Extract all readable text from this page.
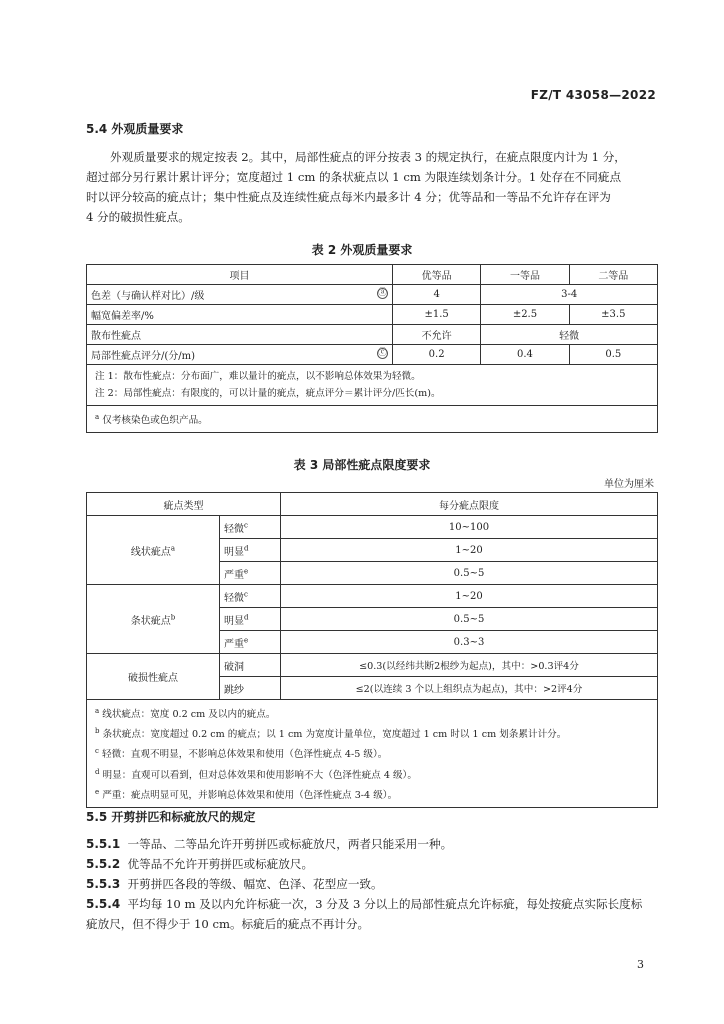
FZ/T 43058—2022
5.4 外观质量要求
外观质量要求的规定按表 2。其中，局部性疵点的评分按表 3 的规定执行，在疵点限度内计为 1 分，
超过部分另行累计累计评分；宽度超过 1 cm 的条状疵点以 1 cm 为限连续划条计分。1 处存在不同疵点
时以评分较高的疵点计；集中性疵点及连续性疵点每米内最多计 4 分；优等品和一等品不允许存在评为
4 分的破损性疵点。
表 2 外观质量要求
项目	优等品	一等品	二等品
色差（与确认样对比）/级 ⓐ	4	3-4	
幅宽偏差率/%	±1.5	±2.5	±3.5
散布性疵点	不允许	轻微	
局部性疵点评分/(分/m) ⓒ	0.2	0.4	0.5

注 1：散布性疵点：分布面广，难以量计的疵点，以不影响总体效果为轻微。
注 2：局部性疵点：有限度的，可以计量的疵点，疵点评分＝累计评分/匹长(m)。			

$^a$ 仅考核染色或色织产品。			
表 3 局部性疵点限度要求
单位为厘米
疵点类型		每分疵点限度
线状疵点$^a$	轻微$^c$	10~100
	明显$^d$	1~20
	严重$^e$	0.5~5
条状疵点$^b$	轻微$^c$	1~20
	明显$^d$	0.5~5
	严重$^e$	0.3~3
破损性疵点	破洞	≤0.3(以经纬共断2根纱为起点)，其中：>0.3评4分
	跳纱	≤2(以连续 3 个以上组织点为起点)，其中：>2评4分

$^a$ 线状疵点：宽度 0.2 cm 及以内的疵点。
$^b$ 条状疵点：宽度超过 0.2 cm 的疵点；以 1 cm 为宽度计量单位，宽度超过 1 cm 时以 1 cm 划条累计计分。
$^c$ 轻微：直观不明显，不影响总体效果和使用（色泽性疵点 4-5 级）。
$^d$ 明显：直观可以看到，但对总体效果和使用影响不大（色泽性疵点 4 级）。
$^e$ 严重：疵点明显可见，并影响总体效果和使用（色泽性疵点 3-4 级）。		
5.5 开剪拼匹和标疵放尺的规定
5.5.1 一等品、二等品允许开剪拼匹或标疵放尺，两者只能采用一种。
5.5.2 优等品不允许开剪拼匹或标疵放尺。
5.5.3 开剪拼匹各段的等级、幅宽、色泽、花型应一致。
5.5.4 平均每 10 m 及以内允许标疵一次，3 分及 3 分以上的局部性疵点允许标疵，每处按疵点实际长度标
疵放尺，但不得少于 10 cm。标疵后的疵点不再计分。
3
